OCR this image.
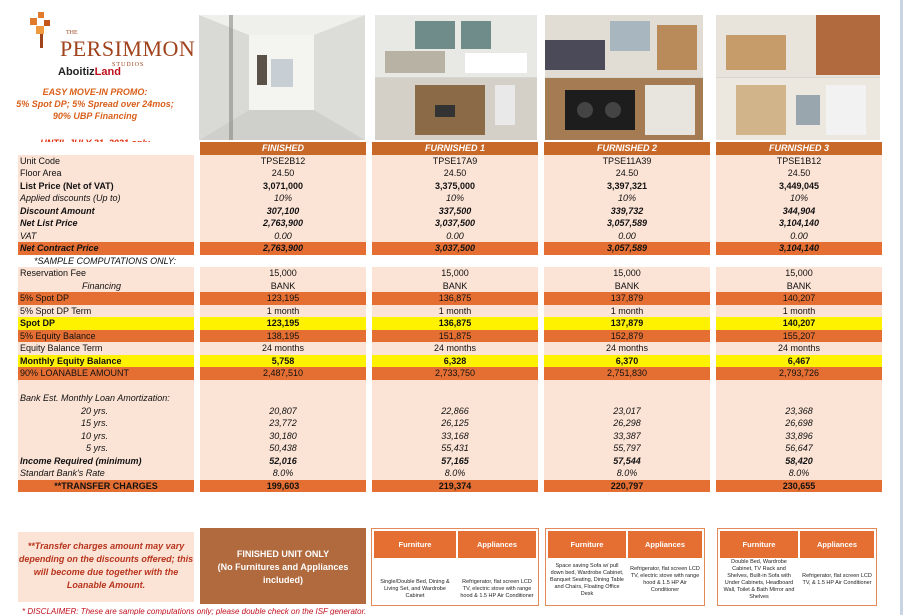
THE
PERSIMMON
STUDIOS
AboitizLand
EASY MOVE-IN PROMO:
5% Spot DP; 5% Spread over 24mos;
90% UBP Financing
		FINISHED		FURNISHED 1		FURNISHED 2		FURNISHED 3
Unit Code		TPSE2B12		TPSE17A9		TPSE11A39		TPSE1B12
Floor Area		24.50		24.50		24.50		24.50
List Price (Net of VAT)		3,071,000		3,375,000		3,397,321		3,449,045
Applied discounts (Up to)		10%		10%		10%		10%
Discount Amount		307,100		337,500		339,732		344,904
Net List Price		2,763,900		3,037,500		3,057,589		3,104,140
VAT		0.00		0.00		0.00		0.00
Net Contract Price		2,763,900		3,037,500		3,057,589		3,104,140
*SAMPLE COMPUTATIONS ONLY:								
Reservation Fee		15,000		15,000		15,000		15,000
Financing		BANK		BANK		BANK		BANK
5% Spot DP		123,195		136,875		137,879		140,207
5% Spot DP Term		1 month		1 month		1 month		1 month
Spot DP		123,195		136,875		137,879		140,207
5% Equity Balance		138,195		151,875		152,879		155,207
Equity Balance Term		24 months		24 months		24 months		24 months
Monthly Equity Balance		5,758		6,328		6,370		6,467
90% LOANABLE AMOUNT		2,487,510		2,733,750		2,751,830		2,793,726

Bank Est. Monthly Loan Amortization:								
20 yrs.		20,807		22,866		23,017		23,368
15 yrs.		23,772		26,125		26,298		26,698
10 yrs.		30,180		33,168		33,387		33,896
5 yrs.		50,438		55,431		55,797		56,647
Income Required (minimum)		52,016		57,165		57,544		58,420
Standart Bank's Rate		8.0%		8.0%		8.0%		8.0%
**TRANSFER CHARGES		199,603		219,374		220,797		230,655
**Transfer charges amount may vary depending on the discounts offered; this will become due together with the Loanable Amount.
FINISHED UNIT ONLY
(No Furnitures and Appliances included)
Furniture	Appliances
Single/Double Bed, Dining & Living Set, and Wardrobe Cabinet
Refrigerator, flat screen LCD TV, electric stove with range hood & 1.5 HP Air Conditioner
Furniture	Appliances
Space saving Sofa w/ pull down bed, Wardrobe Cabinet, Banquet Seating, Dining Table and Chairs, Floating Office Desk
Refrigerator, flat screen LCD TV, electric stove with range hood & 1.5 HP Air Conditioner
Furniture	Appliances
Double Bed, Wardrobe Cabinet, TV Rack and Shelves, Built-in Sofa with Under Cabinets, Headboard Wall, Toilet & Bath Mirror and Shelves
Refrigerator, flat screen LCD TV, & 1.5 HP Air Conditioner
* DISCLAIMER: These are sample computations only; please double check on the ISF generator.
